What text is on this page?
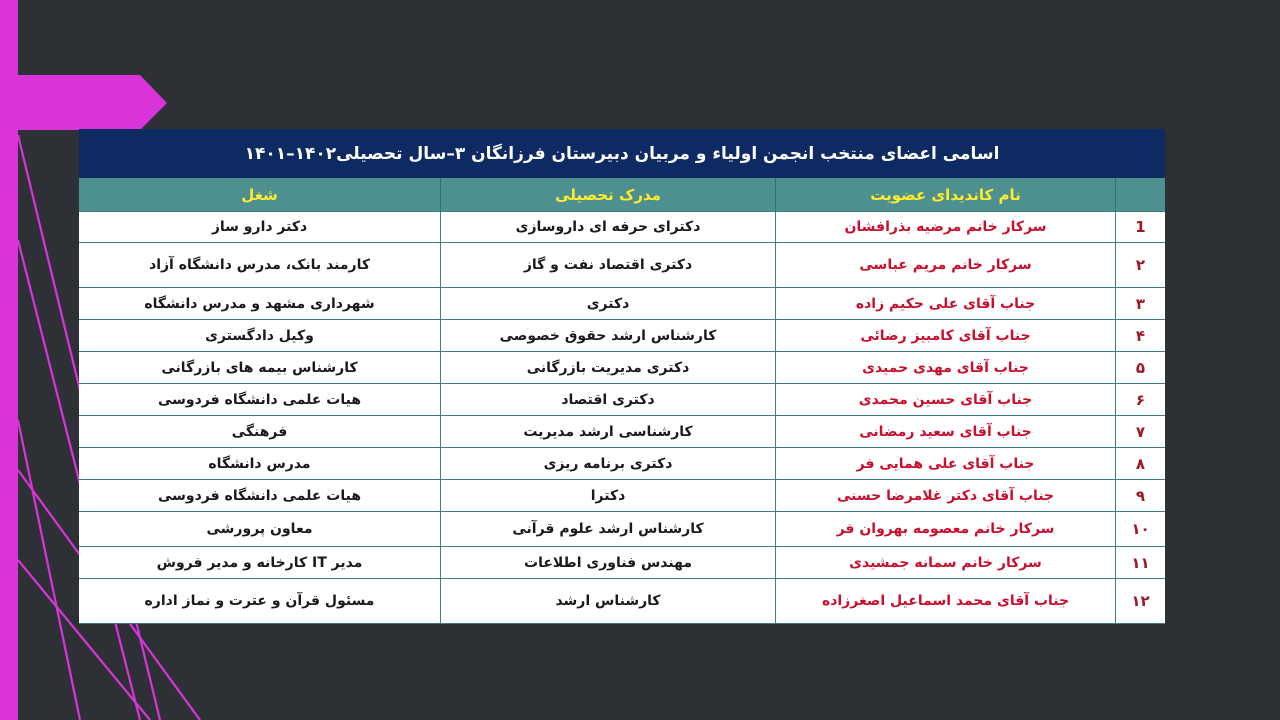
اسامی اعضای منتخب انجمن اولیاء و مربیان دبیرستان فرزانگان ۳–سال تحصیلی۱۴۰۲–۱۴۰۱
نام کاندیدای عضویت
مدرک تحصیلی
شغل
1
سرکار خانم مرضیه بذرافشان
دکترای حرفه ای داروسازی
دکتر دارو ساز
۲
سرکار خانم مریم عباسی
دکتری اقتصاد نفت و گاز
کارمند بانک، مدرس دانشگاه آزاد
۳
جناب آقای علی حکیم زاده
دکتری
شهرداری مشهد و مدرس دانشگاه
۴
جناب آقای کامبیز رضائی
کارشناس ارشد حقوق خصوصی
وکیل دادگستری
۵
جناب آقای مهدی حمیدی
دکتری مدیریت بازرگانی
کارشناس بیمه های بازرگانی
۶
جناب آقای حسین محمدی
دکتری اقتصاد
هیات علمی دانشگاه فردوسی
۷
جناب آقای سعید رمضانی
کارشناسی ارشد مدیریت
فرهنگی
۸
جناب آقای علی همایی فر
دکتری برنامه ریزی
مدرس دانشگاه
۹
جناب آقای دکتر غلامرضا حسنی
دکترا
هیات علمی دانشگاه فردوسی
۱۰
سرکار خانم معصومه بهروان فر
کارشناس ارشد علوم قرآنی
معاون پرورشی
۱۱
سرکار خانم سمانه جمشیدی
مهندس فناوری اطلاعات
مدیر IT کارخانه و مدیر فروش
۱۲
جناب آقای محمد اسماعیل اصغرزاده
کارشناس ارشد
مسئول قرآن و عترت و نماز اداره
